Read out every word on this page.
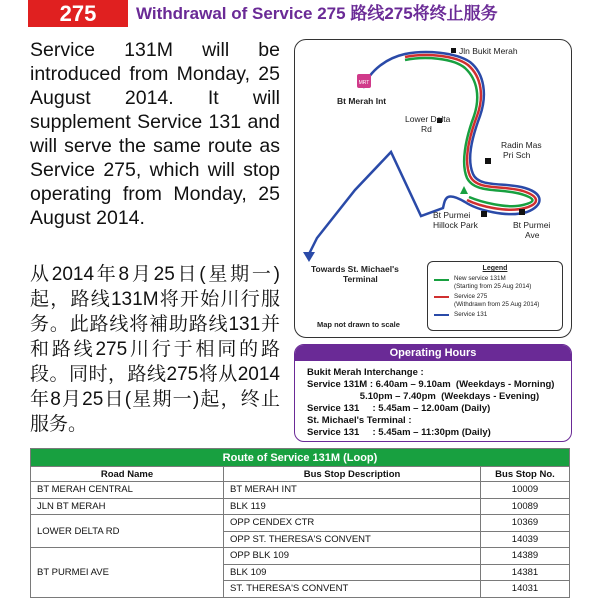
275	Withdrawal of Service 275 路线275将终止服务
Service 131M will be introduced from Monday, 25 August 2014. It will supplement Service 131 and will serve the same route as Service 275, which will stop operating from Monday, 25 August 2014.
从2014年8月25日(星期一)起，路线131M将开始川行服务。此路线将補助路线131并和路线275川行于相同的路段。同时，路线275将从2014年8月25日(星期一)起，终止服务。
MRT
Bt Merah Int
Jln Bukit Merah
Lower Delta
Rd
Radin Mas
Pri Sch
Bt Purmei
Hillock Park	Bt Purmei
Ave
Towards St. Michael's
Terminal
Map not drawn to scale
Legend
New service 131M
(Starting from 25 Aug 2014)
Service 275
(Withdrawn from 25 Aug 2014)
Service 131
Operating Hours
Bukit Merah Interchange :
Service 131M : 6.40am – 9.10am  (Weekdays - Morning)
5.10pm – 7.40pm  (Weekdays - Evening)
Service 131     : 5.45am – 12.00am (Daily)
St. Michael's Terminal :
Service 131     : 5.45am – 11:30pm (Daily)
Route of Service 131M (Loop)		
Road Name	Bus Stop Description	Bus Stop No.
BT MERAH CENTRAL	BT MERAH INT	10009
JLN BT MERAH	BLK 119	10089
LOWER DELTA RD	OPP CENDEX CTR	10369
	OPP ST. THERESA'S CONVENT	14039
BT PURMEI AVE	OPP BLK 109	14389
	BLK 109	14381
	ST. THERESA'S CONVENT	14031
